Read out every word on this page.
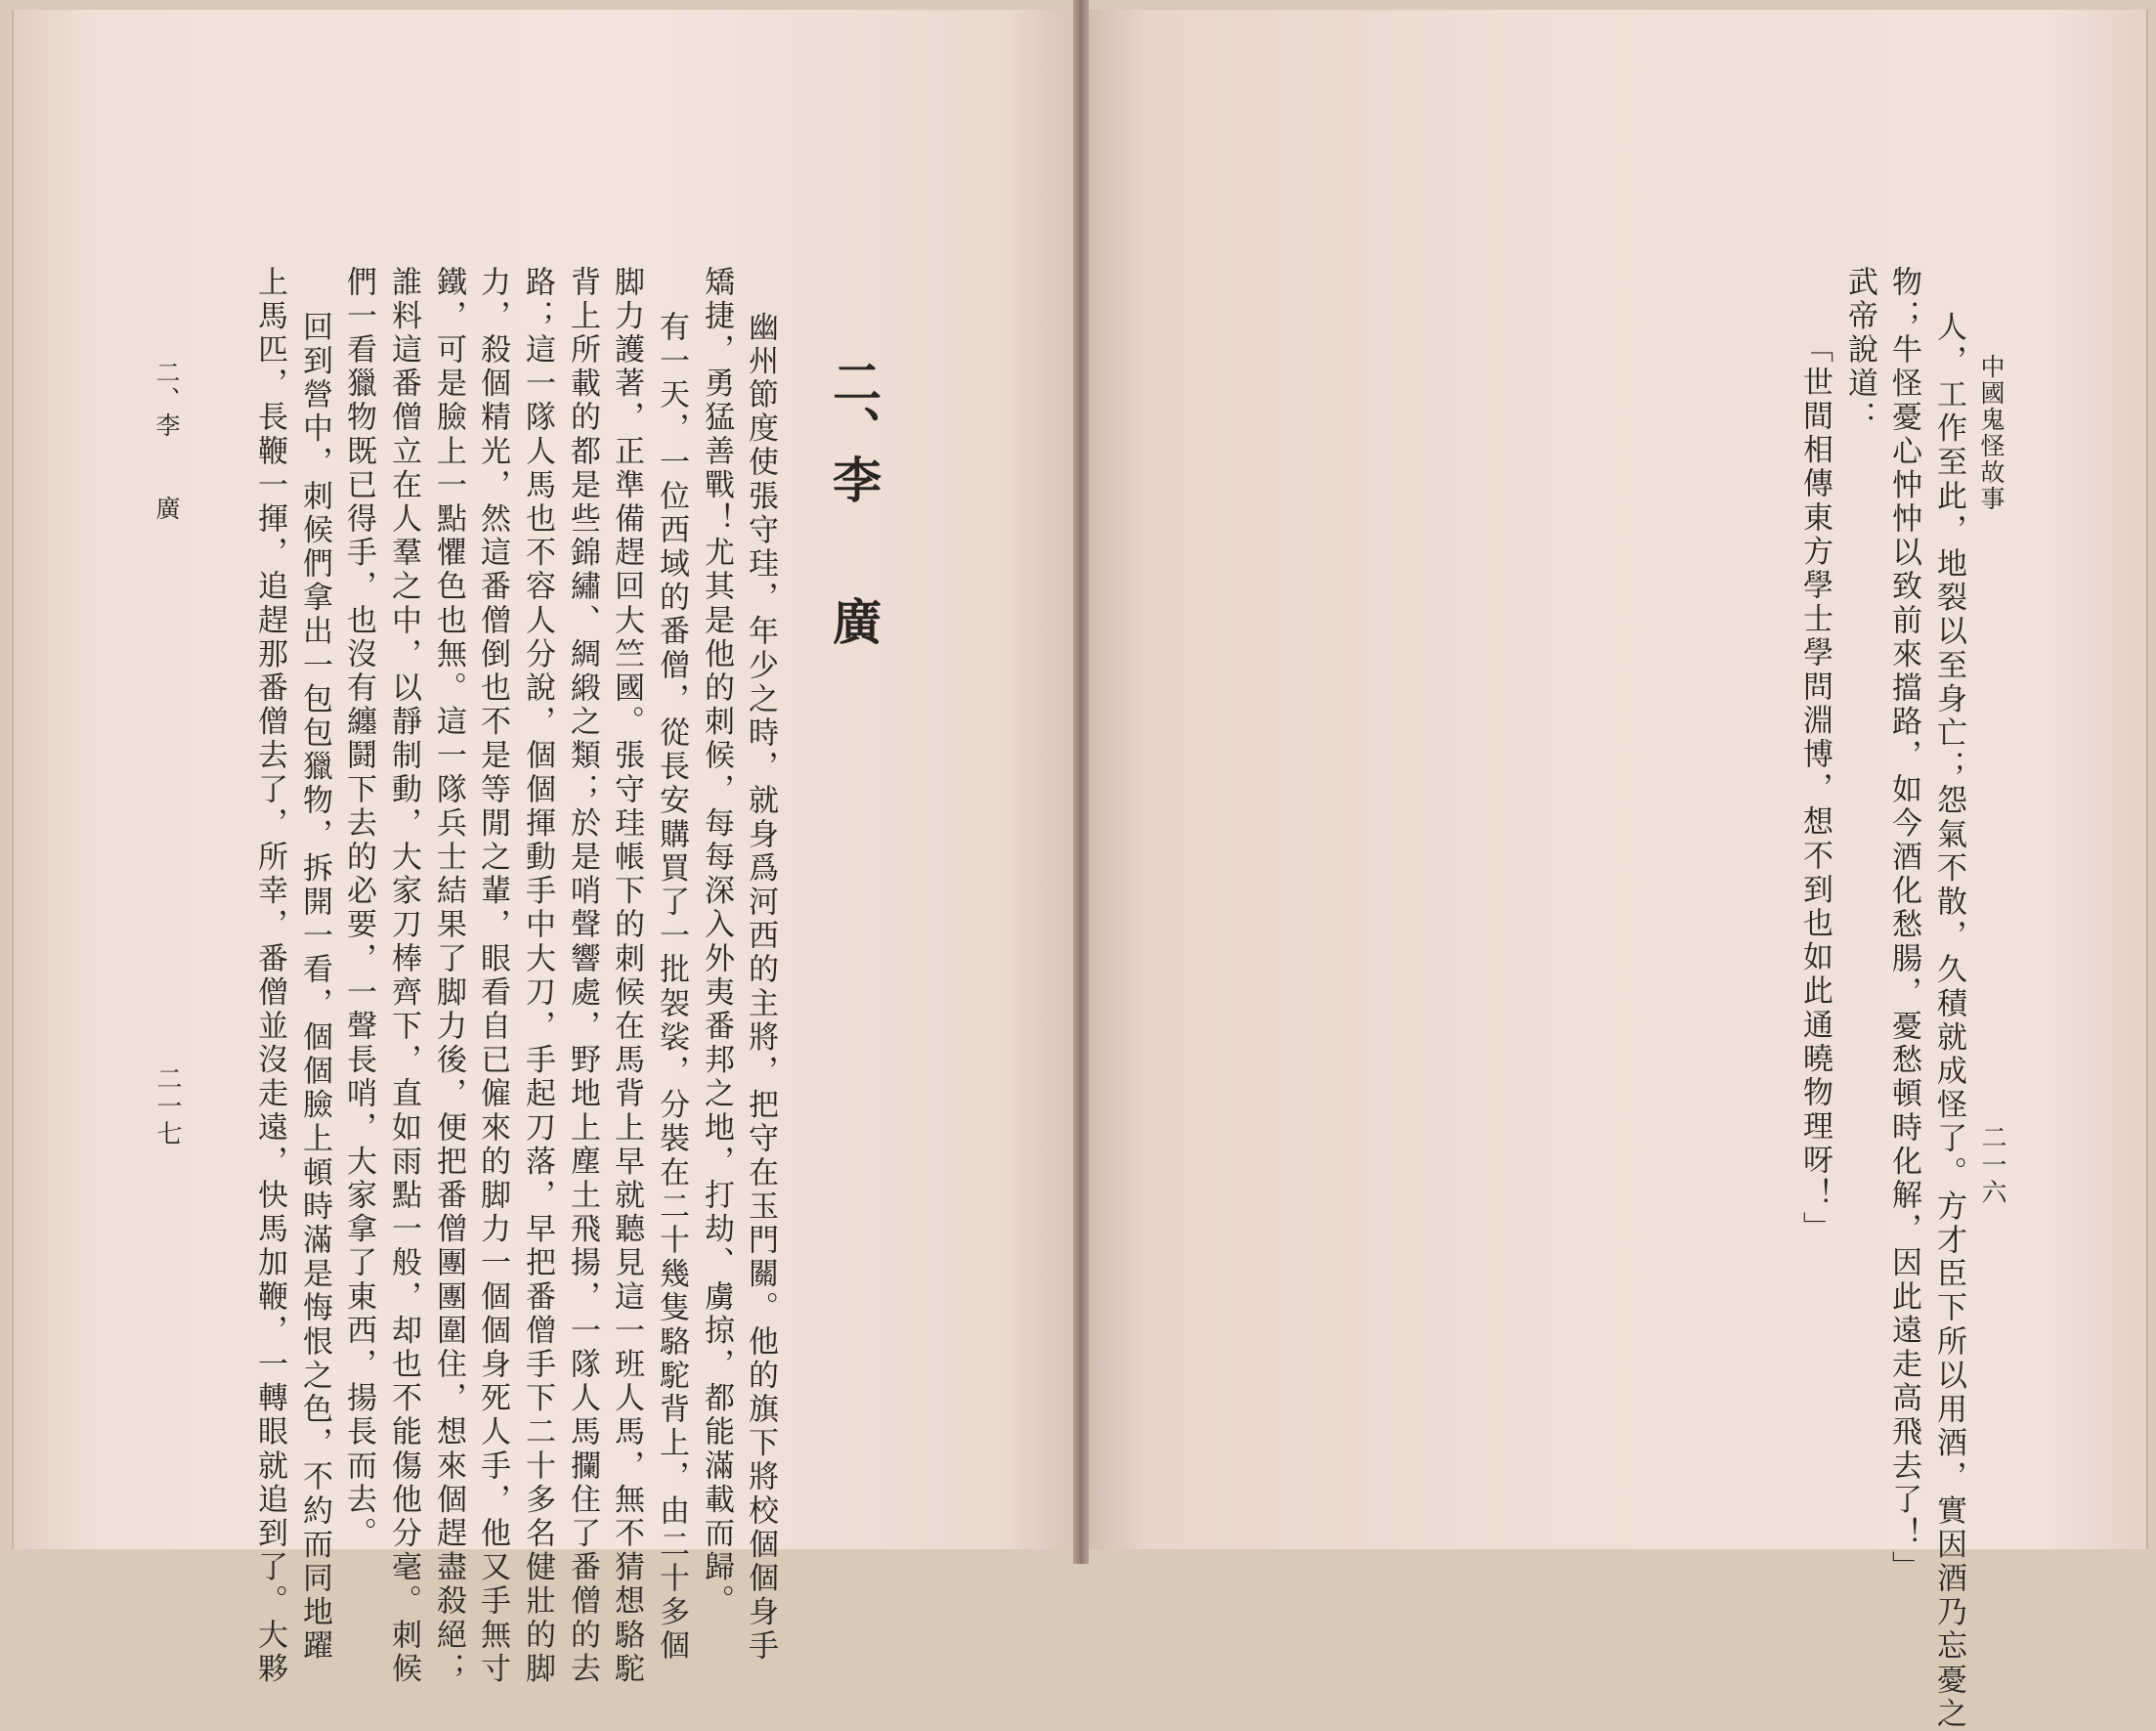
二、李廣
幽州節度使張守珪，年少之時，就身爲河西的主將，把守在玉門關。他的旗下將校個個身手
矯捷，勇猛善戰！尤其是他的刺候，每每深入外夷番邦之地，打劫、虜掠，都能滿載而歸。
有一天，一位西域的番僧，從長安購買了一批袈裟，分裝在二十幾隻駱駝背上，由二十多個
脚力護著，正準備趕回大竺國。張守珪帳下的刺候在馬背上早就聽見這一班人馬，無不猜想駱駝
背上所載的都是些錦繡、綢緞之類；於是哨聲響處，野地上塵土飛揚，一隊人馬攔住了番僧的去
路；這一隊人馬也不容人分說，個個揮動手中大刀，手起刀落，早把番僧手下二十多名健壯的脚
力，殺個精光，然這番僧倒也不是等閒之輩，眼看自已僱來的脚力一個個身死人手，他又手無寸
鐵，可是臉上一點懼色也無。這一隊兵士結果了脚力後，便把番僧團團圍住，想來個趕盡殺絕；
誰料這番僧立在人羣之中，以靜制動，大家刀棒齊下，直如雨點一般，却也不能傷他分毫。刺候
們一看獵物既已得手，也沒有纏鬪下去的必要，一聲長哨，大家拿了東西，揚長而去。
回到營中，刺候們拿出一包包獵物，拆開一看，個個臉上頓時滿是悔恨之色，不約而同地躍
上馬匹，長鞭一揮，追趕那番僧去了，所幸，番僧並沒走遠，快馬加鞭，一轉眼就追到了。大夥
二、李廣
二一七
中國鬼怪故事
二一六
人，工作至此，地裂以至身亡；怨氣不散，久積就成怪了。方才臣下所以用酒，實因酒乃忘憂之
物；牛怪憂心忡忡以致前來擋路，如今酒化愁腸，憂愁頓時化解，因此遠走高飛去了！」
武帝說道：
「世間相傳東方學士學問淵博，想不到也如此通曉物理呀！」
